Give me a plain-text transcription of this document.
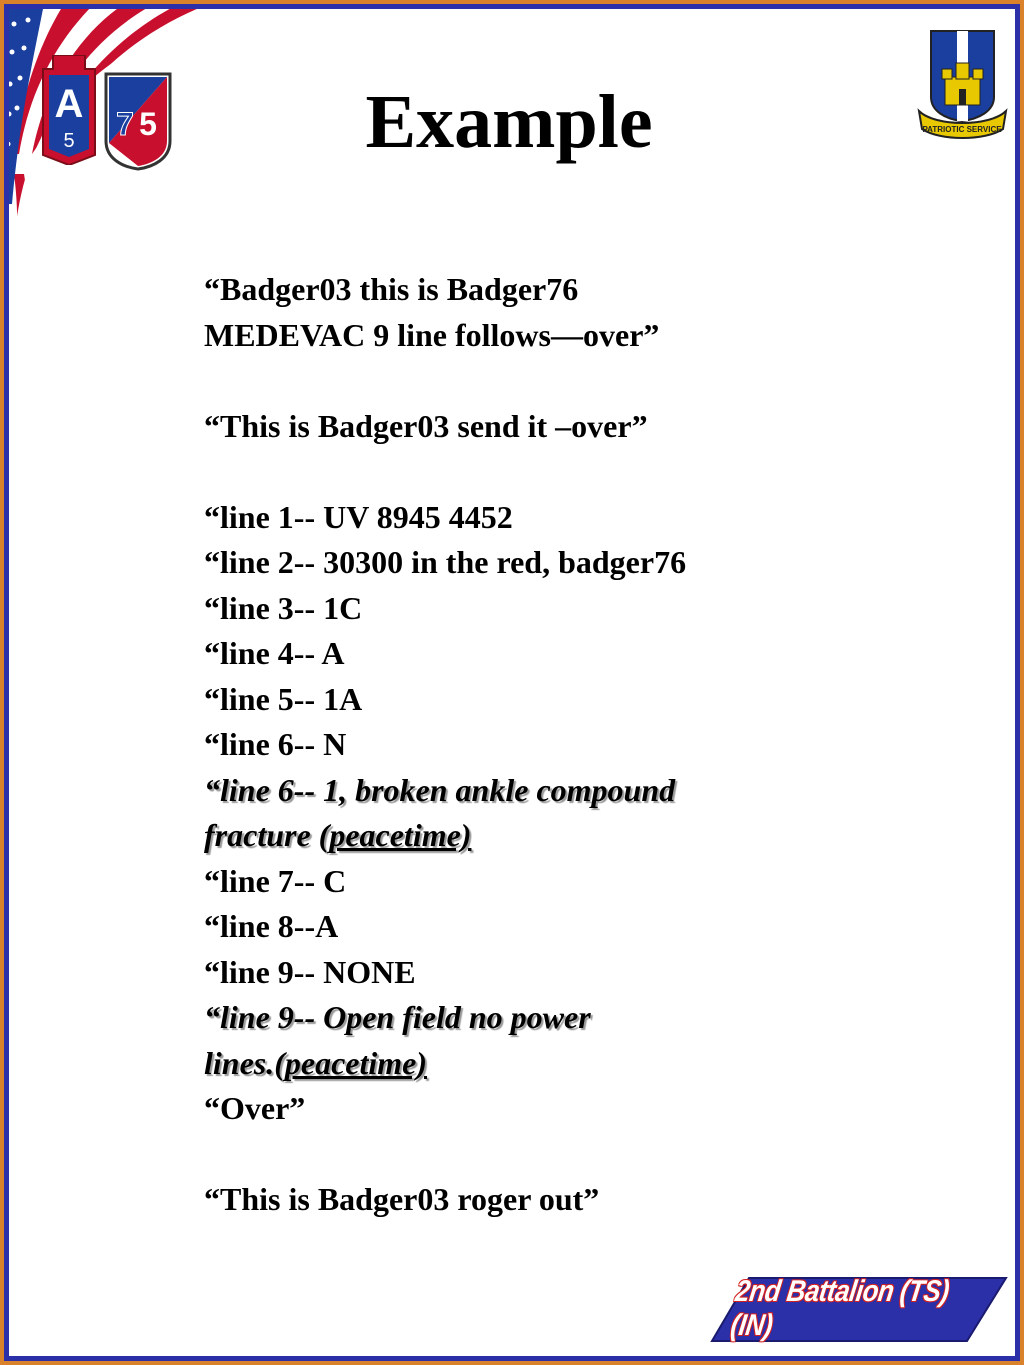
A
5 7 5	PATRIOTIC SERVICE
Example
“Badger03 this is Badger76
MEDEVAC 9 line follows—over”
“This is Badger03 send it –over”
“line 1-- UV 8945 4452
“line 2-- 30300 in the red, badger76
“line 3-- 1C
“line 4-- A
“line 5-- 1A
“line 6-- N
“line 6-- 1, broken ankle compound
fracture (peacetime)
“line 7-- C
“line 8--A
“line 9-- NONE
“line 9-- Open field no power
lines.(peacetime)
“Over”
“This is Badger03 roger out”
2nd Battalion (TS) (IN)
